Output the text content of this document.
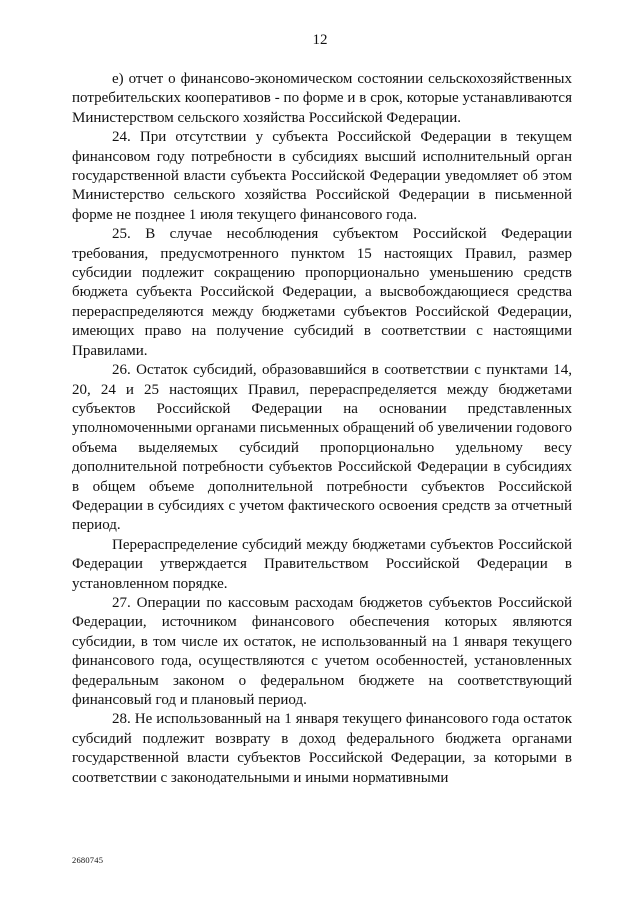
12

е) отчет о финансово-экономическом состоянии сельскохозяйственных потребительских кооперативов - по форме и в срок, которые устанавливаются Министерством сельского хозяйства Российской Федерации.

24. При отсутствии у субъекта Российской Федерации в текущем финансовом году потребности в субсидиях высший исполнительный орган государственной власти субъекта Российской Федерации уведомляет об этом Министерство сельского хозяйства Российской Федерации в письменной форме не позднее 1 июля текущего финансового года.

25. В случае несоблюдения субъектом Российской Федерации требования, предусмотренного пунктом 15 настоящих Правил, размер субсидии подлежит сокращению пропорционально уменьшению средств бюджета субъекта Российской Федерации, а высвобождающиеся средства перераспределяются между бюджетами субъектов Российской Федерации, имеющих право на получение субсидий в соответствии с настоящими Правилами.

26. Остаток субсидий, образовавшийся в соответствии с пунктами 14, 20, 24 и 25 настоящих Правил, перераспределяется между бюджетами субъектов Российской Федерации на основании представленных уполномоченными органами письменных обращений об увеличении годового объема выделяемых субсидий пропорционально удельному весу дополнительной потребности субъектов Российской Федерации в субсидиях в общем объеме дополнительной потребности субъектов Российской Федерации в субсидиях с учетом фактического освоения средств за отчетный период.

Перераспределение субсидий между бюджетами субъектов Российской Федерации утверждается Правительством Российской Федерации в установленном порядке.

27. Операции по кассовым расходам бюджетов субъектов Российской Федерации, источником финансового обеспечения которых являются субсидии, в том числе их остаток, не использованный на 1 января текущего финансового года, осуществляются с учетом особенностей, установленных федеральным законом о федеральном бюджете на соответствующий финансовый год и плановый период.

28. Не использованный на 1 января текущего финансового года остаток субсидий подлежит возврату в доход федерального бюджета органами государственной власти субъектов Российской Федерации, за которыми в соответствии с законодательными и иными нормативными

2680745
